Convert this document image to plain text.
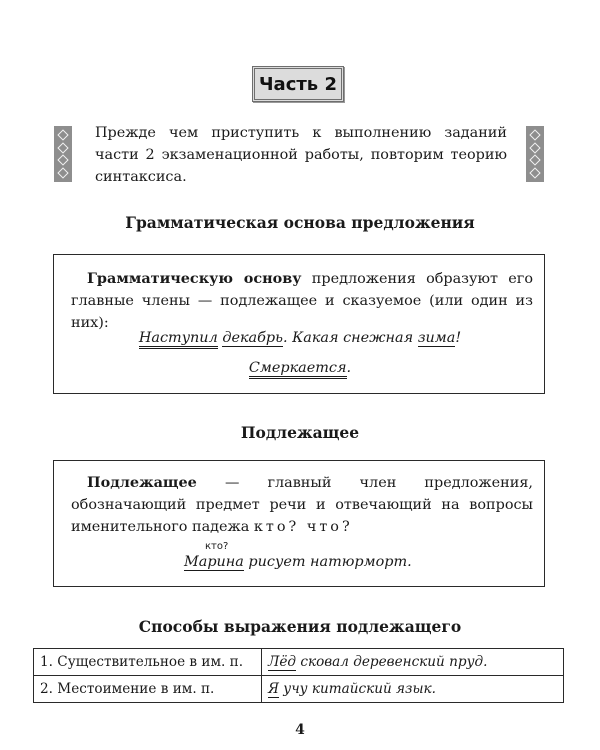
Часть 2
Прежде чем приступить к выполнению заданий части 2 экзаменационной работы, повторим теорию синтаксиса.
Грамматическая основа предложения
Грамматическую основу предложения образуют его главные члены — подлежащее и сказуемое (или один из них):
Наступил декабрь. Какая снежная зима!
Смеркается.
Подлежащее
Подлежащее — главный член предложения, обозначающий предмет речи и отвечающий на вопросы именительного падежа кто? что?
кто?
Марина рисует натюрморт.
Способы выражения подлежащего
1. Существительное в им. п.	Лёд сковал деревенский пруд.
2. Местоимение в им. п.	Я учу китайский язык.
4
